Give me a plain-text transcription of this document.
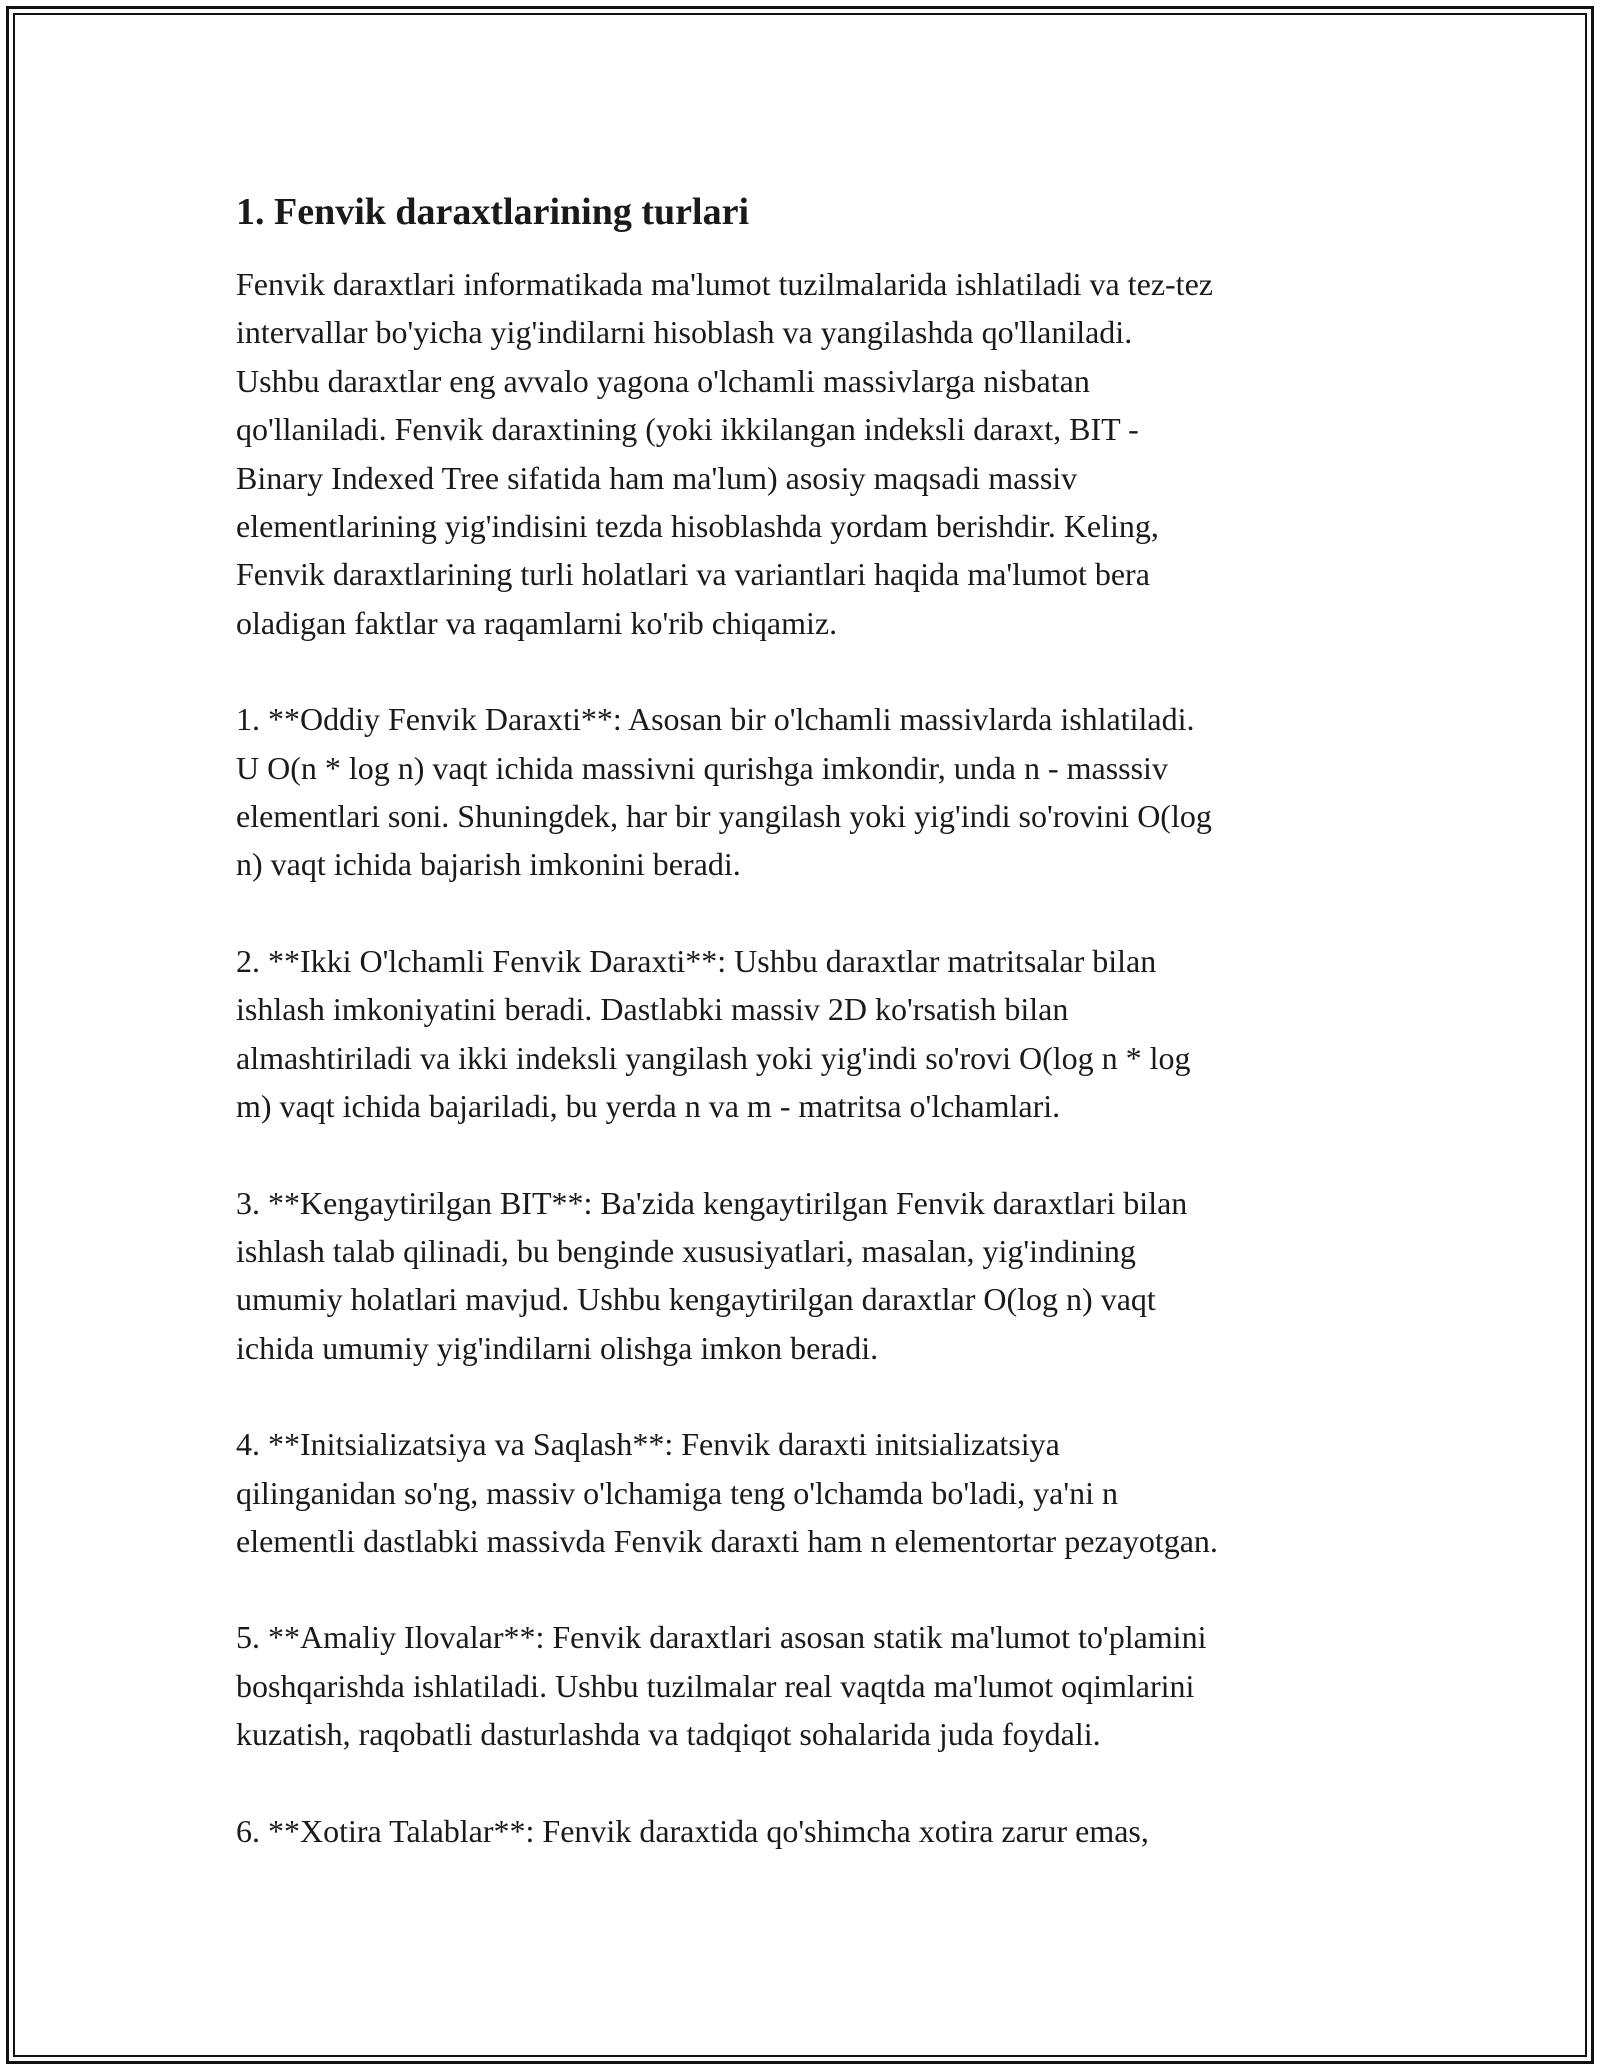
1. Fenvik daraxtlarining turlari

Fenvik daraxtlari informatikada ma'lumot tuzilmalarida ishlatiladi va tez-tez
intervallar bo'yicha yig'indilarni hisoblash va yangilashda qo'llaniladi.
Ushbu daraxtlar eng avvalo yagona o'lchamli massivlarga nisbatan
qo'llaniladi. Fenvik daraxtining (yoki ikkilangan indeksli daraxt, BIT -
Binary Indexed Tree sifatida ham ma'lum) asosiy maqsadi massiv
elementlarining yig'indisini tezda hisoblashda yordam berishdir. Keling,
Fenvik daraxtlarining turli holatlari va variantlari haqida ma'lumot bera
oladigan faktlar va raqamlarni ko'rib chiqamiz.

1. **Oddiy Fenvik Daraxti**: Asosan bir o'lchamli massivlarda ishlatiladi.
U O(n * log n) vaqt ichida massivni qurishga imkondir, unda n - masssiv
elementlari soni. Shuningdek, har bir yangilash yoki yig'indi so'rovini O(log
n) vaqt ichida bajarish imkonini beradi.

2. **Ikki O'lchamli Fenvik Daraxti**: Ushbu daraxtlar matritsalar bilan
ishlash imkoniyatini beradi. Dastlabki massiv 2D ko'rsatish bilan
almashtiriladi va ikki indeksli yangilash yoki yig'indi so'rovi O(log n * log
m) vaqt ichida bajariladi, bu yerda n va m - matritsa o'lchamlari.

3. **Kengaytirilgan BIT**: Ba'zida kengaytirilgan Fenvik daraxtlari bilan
ishlash talab qilinadi, bu benginde xususiyatlari, masalan, yig'indining
umumiy holatlari mavjud. Ushbu kengaytirilgan daraxtlar O(log n) vaqt
ichida umumiy yig'indilarni olishga imkon beradi.

4. **Initsializatsiya va Saqlash**: Fenvik daraxti initsializatsiya
qilinganidan so'ng, massiv o'lchamiga teng o'lchamda bo'ladi, ya'ni n
elementli dastlabki massivda Fenvik daraxti ham n elementortar pezayotgan.

5. **Amaliy Ilovalar**: Fenvik daraxtlari asosan statik ma'lumot to'plamini
boshqarishda ishlatiladi. Ushbu tuzilmalar real vaqtda ma'lumot oqimlarini
kuzatish, raqobatli dasturlashda va tadqiqot sohalarida juda foydali.

6. **Xotira Talablar**: Fenvik daraxtida qo'shimcha xotira zarur emas,
